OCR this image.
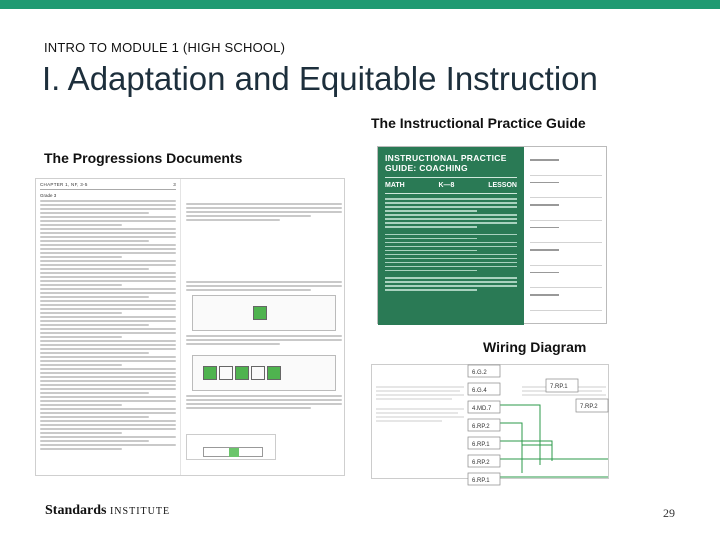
INTRO TO MODULE 1 (HIGH SCHOOL)
I. Adaptation and Equitable Instruction
The Instructional Practice Guide
The Progressions Documents
CHAPTER 1, NF, 3-5	3
Grade 3
INSTRUCTIONAL PRACTICE
GUIDE: COACHING
MATH	K—8	LESSON
Wiring Diagram
6.G.2
6.G.4
4.MD.7
6.RP.2
6.RP.1
6.RP.2
6.RP.1
7.RP.1
7.RP.2
Standards INSTITUTE	29
